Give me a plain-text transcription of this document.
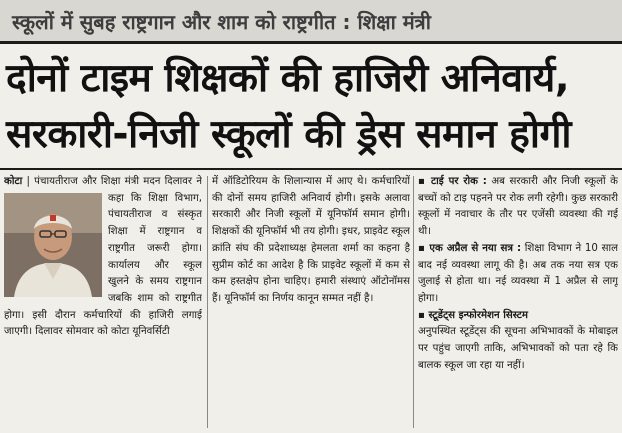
स्कूलों में सुबह राष्ट्रगान और शाम को राष्ट्रगीत : शिक्षा मंत्री
दोनों टाइम शिक्षकों की हाजिरी अनिवार्य,
सरकारी-निजी स्कूलों की ड्रेस समान होगी
कोटा | पंचायतीराज और शिक्षा मंत्री मदन दिलावर ने कहा कि शिक्षा विभाग, पंचायतीराज व संस्कृत शिक्षा में राष्ट्रगान व राष्ट्रगीत जरूरी होगा। कार्यालय और स्कूल खुलने के समय राष्ट्रगान जबकि शाम को राष्ट्रगीत होगा। इसी दौरान कर्मचारियों की हाजिरी लगाई जाएगी। दिलावर सोमवार को कोटा यूनिवर्सिटी
में ऑडिटोरियम के शिलान्यास में आए थे। कर्मचारियों की दोनों समय हाजिरी अनिवार्य होगी। इसके अलावा सरकारी और निजी स्कूलों में यूनिफॉर्म समान होगी। शिक्षकों की यूनिफॉर्म भी तय होगी। इधर, प्राइवेट स्कूल क्रांति संघ की प्रदेशाध्यक्ष हेमलता शर्मा का कहना है सुप्रीम कोर्ट का आदेश है कि प्राइवेट स्कूलों में कम से कम हस्तक्षेप होना चाहिए। हमारी संस्थाएं ऑटोनॉमस हैं। यूनिफॉर्म का निर्णय कानून सम्मत नहीं है।
▪ टाई पर रोक : अब सरकारी और निजी स्कूलों के बच्चों को टाइ पहनने पर रोक लगी रहेगी। कुछ सरकारी स्कूलों में नवाचार के तौर पर एजेंसी व्यवस्था की गई थी।
▪ एक अप्रैल से नया सत्र : शिक्षा विभाग ने 10 साल बाद नई व्यवस्था लागू की है। अब तक नया सत्र एक जुलाई से होता था। नई व्यवस्था में 1 अप्रैल से लागू होगा।
▪ स्टूडेंट्स इन्फोरमेशन सिस्टम
अनुपस्थित स्टूडेंट्स की सूचना अभिभावकों के मोबाइल पर पहुंच जाएगी ताकि, अभिभावकों को पता रहे कि बालक स्कूल जा रहा या नहीं।
